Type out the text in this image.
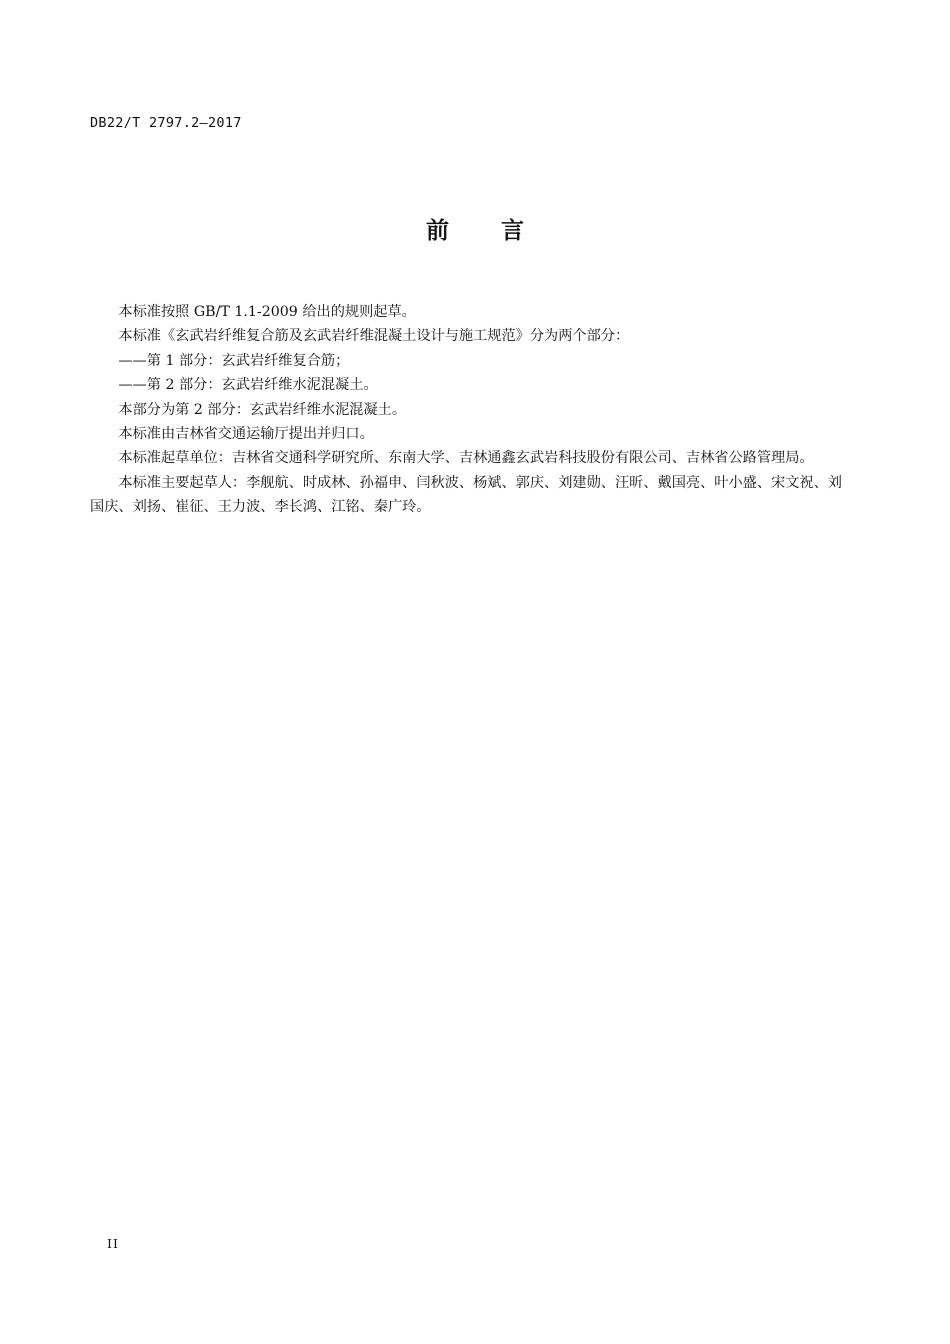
DB22/T 2797.2—2017
前言

本标准按照 GB/T 1.1-2009 给出的规则起草。

本标准《玄武岩纤维复合筋及玄武岩纤维混凝土设计与施工规范》分为两个部分：

——第 1 部分：玄武岩纤维复合筋；

——第 2 部分：玄武岩纤维水泥混凝土。

本部分为第 2 部分：玄武岩纤维水泥混凝土。

本标准由吉林省交通运输厅提出并归口。

本标准起草单位：吉林省交通科学研究所、东南大学、吉林通鑫玄武岩科技股份有限公司、吉林省公路管理局。

本标准主要起草人：李舰航、时成林、孙福申、闫秋波、杨斌、郭庆、刘建勋、汪昕、戴国亮、叶小盛、宋文祝、刘国庆、刘扬、崔征、王力波、李长鸿、江铭、秦广玲。

II
